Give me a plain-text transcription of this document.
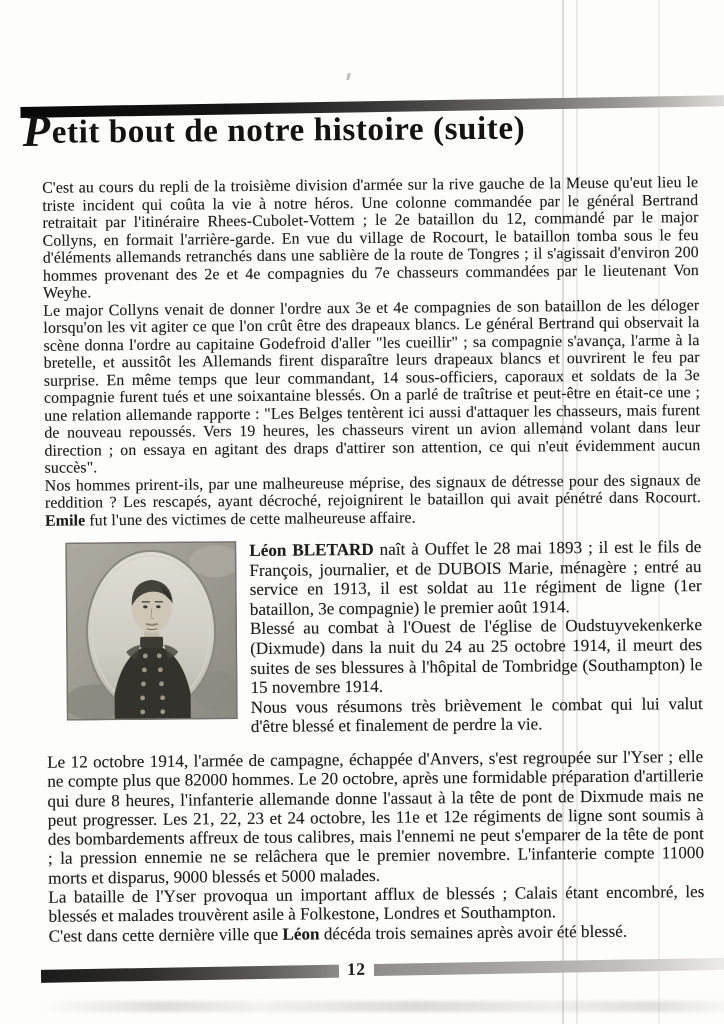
Petit bout de notre histoire (suite)

C'est au cours du repli de la troisième division d'armée sur la rive gauche de la Meuse qu'eut lieu le triste incident qui coûta la vie à notre héros. Une colonne commandée par le général Bertrand retraitait par l'itinéraire Rhees-Cubolet-Vottem ; le 2e bataillon du 12, commandé par le major Collyns, en formait l'arrière-garde. En vue du village de Rocourt, le bataillon tomba sous le feu d'éléments allemands retranchés dans une sablière de la route de Tongres ; il s'agissait d'environ 200 hommes provenant des 2e et 4e compagnies du 7e chasseurs commandées par le lieutenant Von Weyhe.

Le major Collyns venait de donner l'ordre aux 3e et 4e compagnies de son bataillon de les déloger lorsqu'on les vit agiter ce que l'on crût être des drapeaux blancs. Le général Bertrand qui observait la scène donna l'ordre au capitaine Godefroid d'aller "les cueillir" ; sa compagnie s'avança, l'arme à la bretelle, et aussitôt les Allemands firent disparaître leurs drapeaux blancs et ouvrirent le feu par surprise. En même temps que leur commandant, 14 sous-officiers, caporaux et soldats de la 3e compagnie furent tués et une soixantaine blessés. On a parlé de traîtrise et peut-être en était-ce une ; une relation allemande rapporte : "Les Belges tentèrent ici aussi d'attaquer les chasseurs, mais furent de nouveau repoussés. Vers 19 heures, les chasseurs virent un avion allemand volant dans leur direction ; on essaya en agitant des draps d'attirer son attention, ce qui n'eut évidemment aucun succès".

Nos hommes prirent-ils, par une malheureuse méprise, des signaux de détresse pour des signaux de reddition ? Les rescapés, ayant décroché, rejoignirent le bataillon qui avait pénétré dans Rocourt. Emile fut l'une des victimes de cette malheureuse affaire.

Léon BLETARD naît à Ouffet le 28 mai 1893 ; il est le fils de François, journalier, et de DUBOIS Marie, ménagère ; entré au service en 1913, il est soldat au 11e régiment de ligne (1er bataillon, 3e compagnie) le premier août 1914.

Blessé au combat à l'Ouest de l'église de Oudstuyvekenkerke (Dixmude) dans la nuit du 24 au 25 octobre 1914, il meurt des suites de ses blessures à l'hôpital de Tombridge (Southampton) le 15 novembre 1914.

Nous vous résumons très brièvement le combat qui lui valut d'être blessé et finalement de perdre la vie.

Le 12 octobre 1914, l'armée de campagne, échappée d'Anvers, s'est regroupée sur l'Yser ; elle ne compte plus que 82000 hommes. Le 20 octobre, après une formidable préparation d'artillerie qui dure 8 heures, l'infanterie allemande donne l'assaut à la tête de pont de Dixmude mais ne peut progresser. Les 21, 22, 23 et 24 octobre, les 11e et 12e régiments de ligne sont soumis à des bombardements affreux de tous calibres, mais l'ennemi ne peut s'emparer de la tête de pont ; la pression ennemie ne se relâchera que le premier novembre. L'infanterie compte 11000 morts et disparus, 9000 blessés et 5000 malades.

La bataille de l'Yser provoqua un important afflux de blessés ; Calais étant encombré, les blessés et malades trouvèrent asile à Folkestone, Londres et Southampton.

C'est dans cette dernière ville que Léon décéda trois semaines après avoir été blessé.

12
